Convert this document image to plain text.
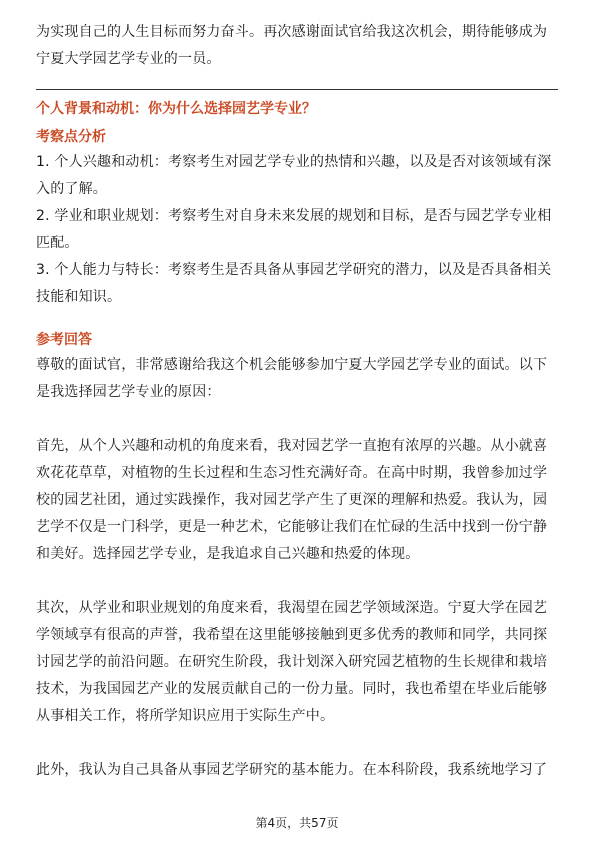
为实现自己的人生目标而努力奋斗。再次感谢面试官给我这次机会，期待能够成为

宁夏大学园艺学专业的一员。

个人背景和动机：你为什么选择园艺学专业？
考察点分析

1. 个人兴趣和动机：考察考生对园艺学专业的热情和兴趣，以及是否对该领域有深

入的了解。

2. 学业和职业规划：考察考生对自身未来发展的规划和目标，是否与园艺学专业相

匹配。

3. 个人能力与特长：考察考生是否具备从事园艺学研究的潜力，以及是否具备相关

技能和知识。

参考回答

尊敬的面试官，非常感谢给我这个机会能够参加宁夏大学园艺学专业的面试。以下

是我选择园艺学专业的原因：

首先，从个人兴趣和动机的角度来看，我对园艺学一直抱有浓厚的兴趣。从小就喜

欢花花草草，对植物的生长过程和生态习性充满好奇。在高中时期，我曾参加过学

校的园艺社团，通过实践操作，我对园艺学产生了更深的理解和热爱。我认为，园

艺学不仅是一门科学，更是一种艺术，它能够让我们在忙碌的生活中找到一份宁静

和美好。选择园艺学专业，是我追求自己兴趣和热爱的体现。

其次，从学业和职业规划的角度来看，我渴望在园艺学领域深造。宁夏大学在园艺

学领域享有很高的声誉，我希望在这里能够接触到更多优秀的教师和同学，共同探

讨园艺学的前沿问题。在研究生阶段，我计划深入研究园艺植物的生长规律和栽培

技术，为我国园艺产业的发展贡献自己的一份力量。同时，我也希望在毕业后能够

从事相关工作，将所学知识应用于实际生产中。

此外，我认为自己具备从事园艺学研究的基本能力。在本科阶段，我系统地学习了

第4页，共57页
